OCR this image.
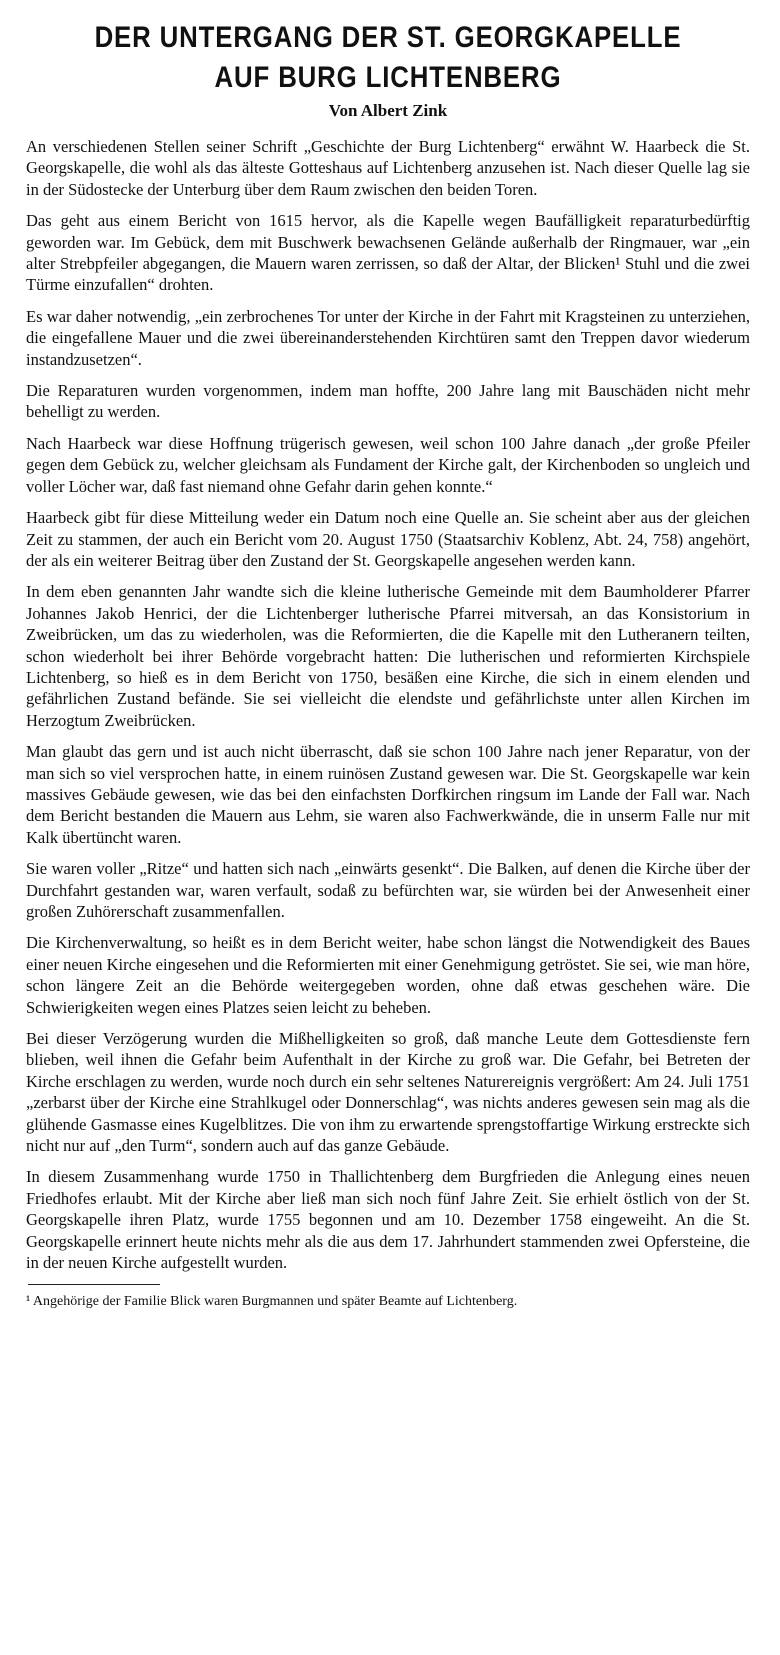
DER UNTERGANG DER ST. GEORGKAPELLE
AUF BURG LICHTENBERG
Von Albert Zink

An verschiedenen Stellen seiner Schrift „Geschichte der Burg Lichtenberg“ erwähnt W. Haarbeck die St. Georgskapelle, die wohl als das älteste Gotteshaus auf Lichtenberg anzusehen ist. Nach dieser Quelle lag sie in der Südostecke der Unterburg über dem Raum zwischen den beiden Toren.

Das geht aus einem Bericht von 1615 hervor, als die Kapelle wegen Baufälligkeit reparaturbedürftig geworden war. Im Gebück, dem mit Buschwerk bewachsenen Gelände außerhalb der Ringmauer, war „ein alter Strebpfeiler abgegangen, die Mauern waren zerrissen, so daß der Altar, der Blicken¹ Stuhl und die zwei Türme einzufallen“ drohten.

Es war daher notwendig, „ein zerbrochenes Tor unter der Kirche in der Fahrt mit Kragsteinen zu unterziehen, die eingefallene Mauer und die zwei übereinanderstehenden Kirchtüren samt den Treppen davor wiederum instandzusetzen“.

Die Reparaturen wurden vorgenommen, indem man hoffte, 200 Jahre lang mit Bauschäden nicht mehr behelligt zu werden.

Nach Haarbeck war diese Hoffnung trügerisch gewesen, weil schon 100 Jahre danach „der große Pfeiler gegen dem Gebück zu, welcher gleichsam als Fundament der Kirche galt, der Kirchenboden so ungleich und voller Löcher war, daß fast niemand ohne Gefahr darin gehen konnte.“

Haarbeck gibt für diese Mitteilung weder ein Datum noch eine Quelle an. Sie scheint aber aus der gleichen Zeit zu stammen, der auch ein Bericht vom 20. August 1750 (Staatsarchiv Koblenz, Abt. 24, 758) angehört, der als ein weiterer Beitrag über den Zustand der St. Georgskapelle angesehen werden kann.

In dem eben genannten Jahr wandte sich die kleine lutherische Gemeinde mit dem Baumholderer Pfarrer Johannes Jakob Henrici, der die Lichtenberger lutherische Pfarrei mitversah, an das Konsistorium in Zweibrücken, um das zu wiederholen, was die Reformierten, die die Kapelle mit den Lutheranern teilten, schon wiederholt bei ihrer Behörde vorgebracht hatten: Die lutherischen und reformierten Kirchspiele Lichtenberg, so hieß es in dem Bericht von 1750, besäßen eine Kirche, die sich in einem elenden und gefährlichen Zustand befände. Sie sei vielleicht die elendste und gefährlichste unter allen Kirchen im Herzogtum Zweibrücken.

Man glaubt das gern und ist auch nicht überrascht, daß sie schon 100 Jahre nach jener Reparatur, von der man sich so viel versprochen hatte, in einem ruinösen Zustand gewesen war. Die St. Georgskapelle war kein massives Gebäude gewesen, wie das bei den einfachsten Dorfkirchen ringsum im Lande der Fall war. Nach dem Bericht bestanden die Mauern aus Lehm, sie waren also Fachwerkwände, die in unserm Falle nur mit Kalk übertüncht waren.

Sie waren voller „Ritze“ und hatten sich nach „einwärts gesenkt“. Die Balken, auf denen die Kirche über der Durchfahrt gestanden war, waren verfault, sodaß zu befürchten war, sie würden bei der Anwesenheit einer großen Zuhörerschaft zusammenfallen.

Die Kirchenverwaltung, so heißt es in dem Bericht weiter, habe schon längst die Notwendigkeit des Baues einer neuen Kirche eingesehen und die Reformierten mit einer Genehmigung getröstet. Sie sei, wie man höre, schon längere Zeit an die Behörde weitergegeben worden, ohne daß etwas geschehen wäre. Die Schwierigkeiten wegen eines Platzes seien leicht zu beheben.

Bei dieser Verzögerung wurden die Mißhelligkeiten so groß, daß manche Leute dem Gottesdienste fern blieben, weil ihnen die Gefahr beim Aufenthalt in der Kirche zu groß war. Die Gefahr, bei Betreten der Kirche erschlagen zu werden, wurde noch durch ein sehr seltenes Naturereignis vergrößert: Am 24. Juli 1751 „zerbarst über der Kirche eine Strahlkugel oder Donnerschlag“, was nichts anderes gewesen sein mag als die glühende Gasmasse eines Kugelblitzes. Die von ihm zu erwartende sprengstoffartige Wirkung erstreckte sich nicht nur auf „den Turm“, sondern auch auf das ganze Gebäude.

In diesem Zusammenhang wurde 1750 in Thallichtenberg dem Burgfrieden die Anlegung eines neuen Friedhofes erlaubt. Mit der Kirche aber ließ man sich noch fünf Jahre Zeit. Sie erhielt östlich von der St. Georgskapelle ihren Platz, wurde 1755 begonnen und am 10. Dezember 1758 eingeweiht. An die St. Georgskapelle erinnert heute nichts mehr als die aus dem 17. Jahrhundert stammenden zwei Opfersteine, die in der neuen Kirche aufgestellt wurden.

¹ Angehörige der Familie Blick waren Burgmannen und später Beamte auf Lichtenberg.
